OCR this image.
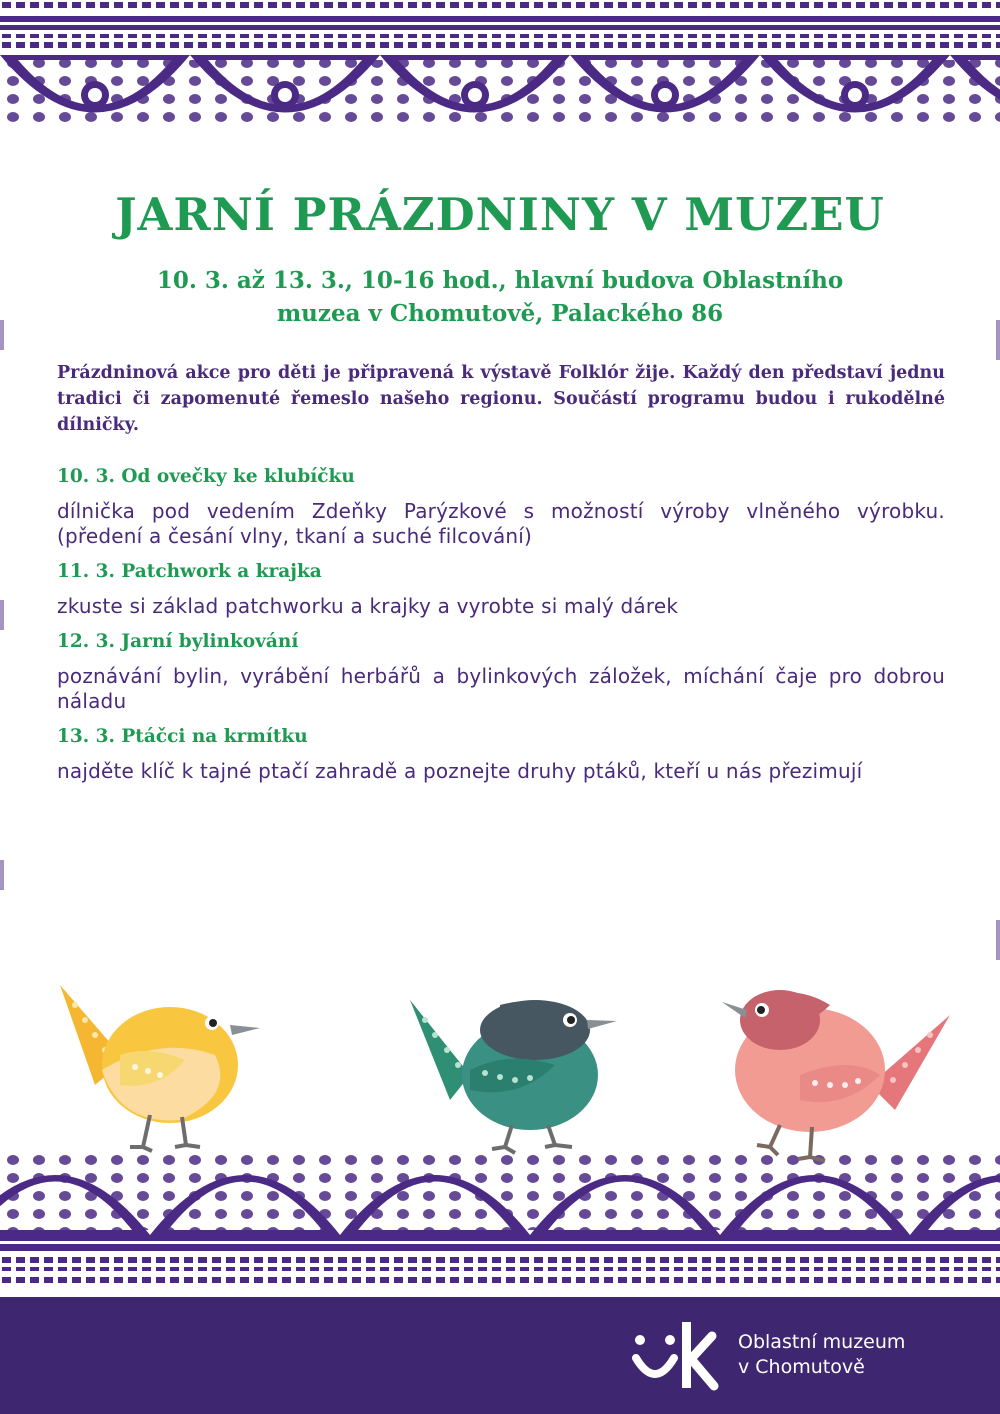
JARNÍ PRÁZDNINY V MUZEU
10. 3. až 13. 3., 10-16 hod., hlavní budova Oblastního
muzea v Chomutově, Palackého 86

Prázdninová akce pro děti je připravená k výstavě Folklór žije. Každý den představí jednu tradici či zapomenuté řemeslo našeho regionu. Součástí programu budou i rukodělné dílničky.

10. 3. Od ovečky ke klubíčku

dílnička pod vedením Zdeňky Parýzkové s možností výroby vlněného výrobku. (předení a česání vlny, tkaní a suché filcování)

11. 3. Patchwork a krajka

zkuste si základ patchworku a krajky a vyrobte si malý dárek

12. 3. Jarní bylinkování

poznávání bylin, vyrábění herbářů a bylinkových záložek, míchání čaje pro dobrou náladu

13. 3. Ptáčci na krmítku

najděte klíč k tajné ptačí zahradě a poznejte druhy ptáků, kteří u nás přezimují

Oblastní muzeum
v Chomutově
